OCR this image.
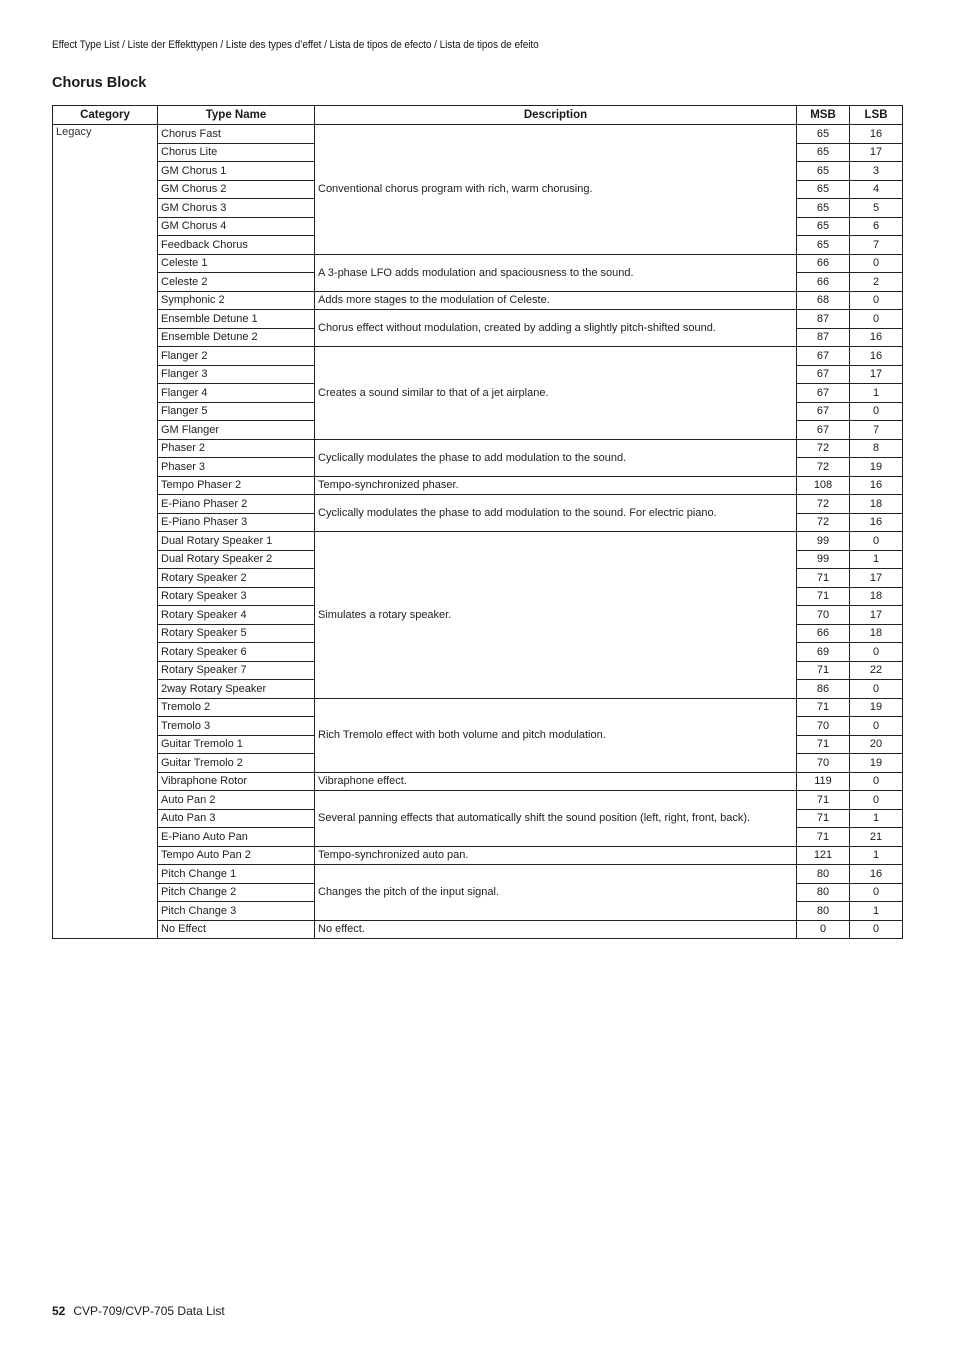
Effect Type List / Liste der Effekttypen / Liste des types d’effet / Lista de tipos de efecto / Lista de tipos de efeito
Chorus Block
Category	Type Name	Description	MSB	LSB
Legacy	Chorus Fast	Conventional chorus program with rich, warm chorusing.	65	16
	Chorus Lite		65	17
	GM Chorus 1		65	3
	GM Chorus 2		65	4
	GM Chorus 3		65	5
	GM Chorus 4		65	6
	Feedback Chorus		65	7
	Celeste 1	A 3-phase LFO adds modulation and spaciousness to the sound.	66	0
	Celeste 2		66	2
	Symphonic 2	Adds more stages to the modulation of Celeste.	68	0
	Ensemble Detune 1	Chorus effect without modulation, created by adding a slightly pitch-shifted sound.	87	0
	Ensemble Detune 2		87	16
	Flanger 2	Creates a sound similar to that of a jet airplane.	67	16
	Flanger 3		67	17
	Flanger 4		67	1
	Flanger 5		67	0
	GM Flanger		67	7
	Phaser 2	Cyclically modulates the phase to add modulation to the sound.	72	8
	Phaser 3		72	19
	Tempo Phaser 2	Tempo-synchronized phaser.	108	16
	E-Piano Phaser 2	Cyclically modulates the phase to add modulation to the sound. For electric piano.	72	18
	E-Piano Phaser 3		72	16
	Dual Rotary Speaker 1	Simulates a rotary speaker.	99	0
	Dual Rotary Speaker 2		99	1
	Rotary Speaker 2		71	17
	Rotary Speaker 3		71	18
	Rotary Speaker 4		70	17
	Rotary Speaker 5		66	18
	Rotary Speaker 6		69	0
	Rotary Speaker 7		71	22
	2way Rotary Speaker		86	0
	Tremolo 2	Rich Tremolo effect with both volume and pitch modulation.	71	19
	Tremolo 3		70	0
	Guitar Tremolo 1		71	20
	Guitar Tremolo 2		70	19
	Vibraphone Rotor	Vibraphone effect.	119	0
	Auto Pan 2	Several panning effects that automatically shift the sound position (left, right, front, back).	71	0
	Auto Pan 3		71	1
	E-Piano Auto Pan		71	21
	Tempo Auto Pan 2	Tempo-synchronized auto pan.	121	1
	Pitch Change 1	Changes the pitch of the input signal.	80	16
	Pitch Change 2		80	0
	Pitch Change 3		80	1
	No Effect	No effect.	0	0
52 CVP-709/CVP-705 Data List
